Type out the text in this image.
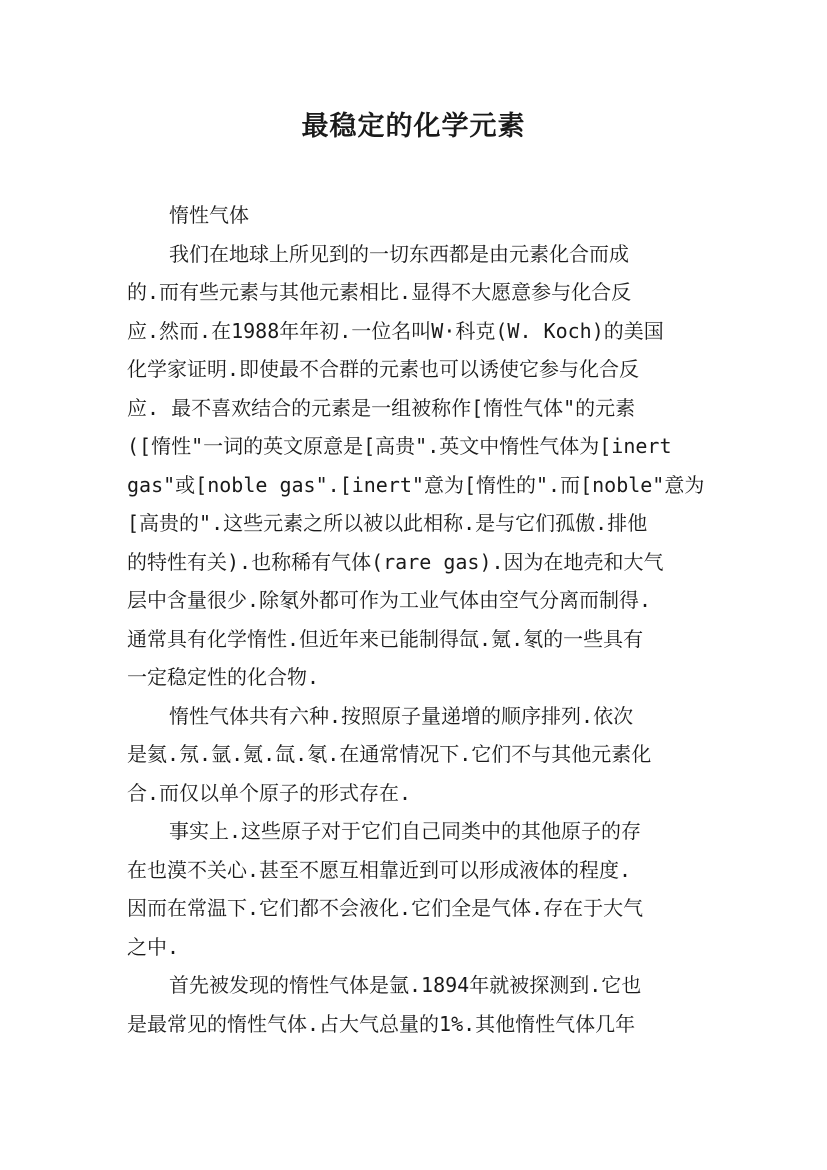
最稳定的化学元素
惰性气体
我们在地球上所见到的一切东西都是由元素化合而成
的.而有些元素与其他元素相比.显得不大愿意参与化合反
应.然而.在1988年年初.一位名叫W·科克(W. Koch)的美国
化学家证明.即使最不合群的元素也可以诱使它参与化合反
应. 最不喜欢结合的元素是一组被称作[惰性气体"的元素
([惰性"一词的英文原意是[高贵".英文中惰性气体为[inert
gas"或[noble gas".[inert"意为[惰性的".而[noble"意为
[高贵的".这些元素之所以被以此相称.是与它们孤傲.排他
的特性有关).也称稀有气体(rare gas).因为在地壳和大气
层中含量很少.除氡外都可作为工业气体由空气分离而制得.
通常具有化学惰性.但近年来已能制得氙.氪.氡的一些具有
一定稳定性的化合物.
惰性气体共有六种.按照原子量递增的顺序排列.依次
是氦.氖.氩.氪.氙.氡.在通常情况下.它们不与其他元素化
合.而仅以单个原子的形式存在.
事实上.这些原子对于它们自己同类中的其他原子的存
在也漠不关心.甚至不愿互相靠近到可以形成液体的程度.
因而在常温下.它们都不会液化.它们全是气体.存在于大气
之中.
首先被发现的惰性气体是氩.1894年就被探测到.它也
是最常见的惰性气体.占大气总量的1%.其他惰性气体几年
